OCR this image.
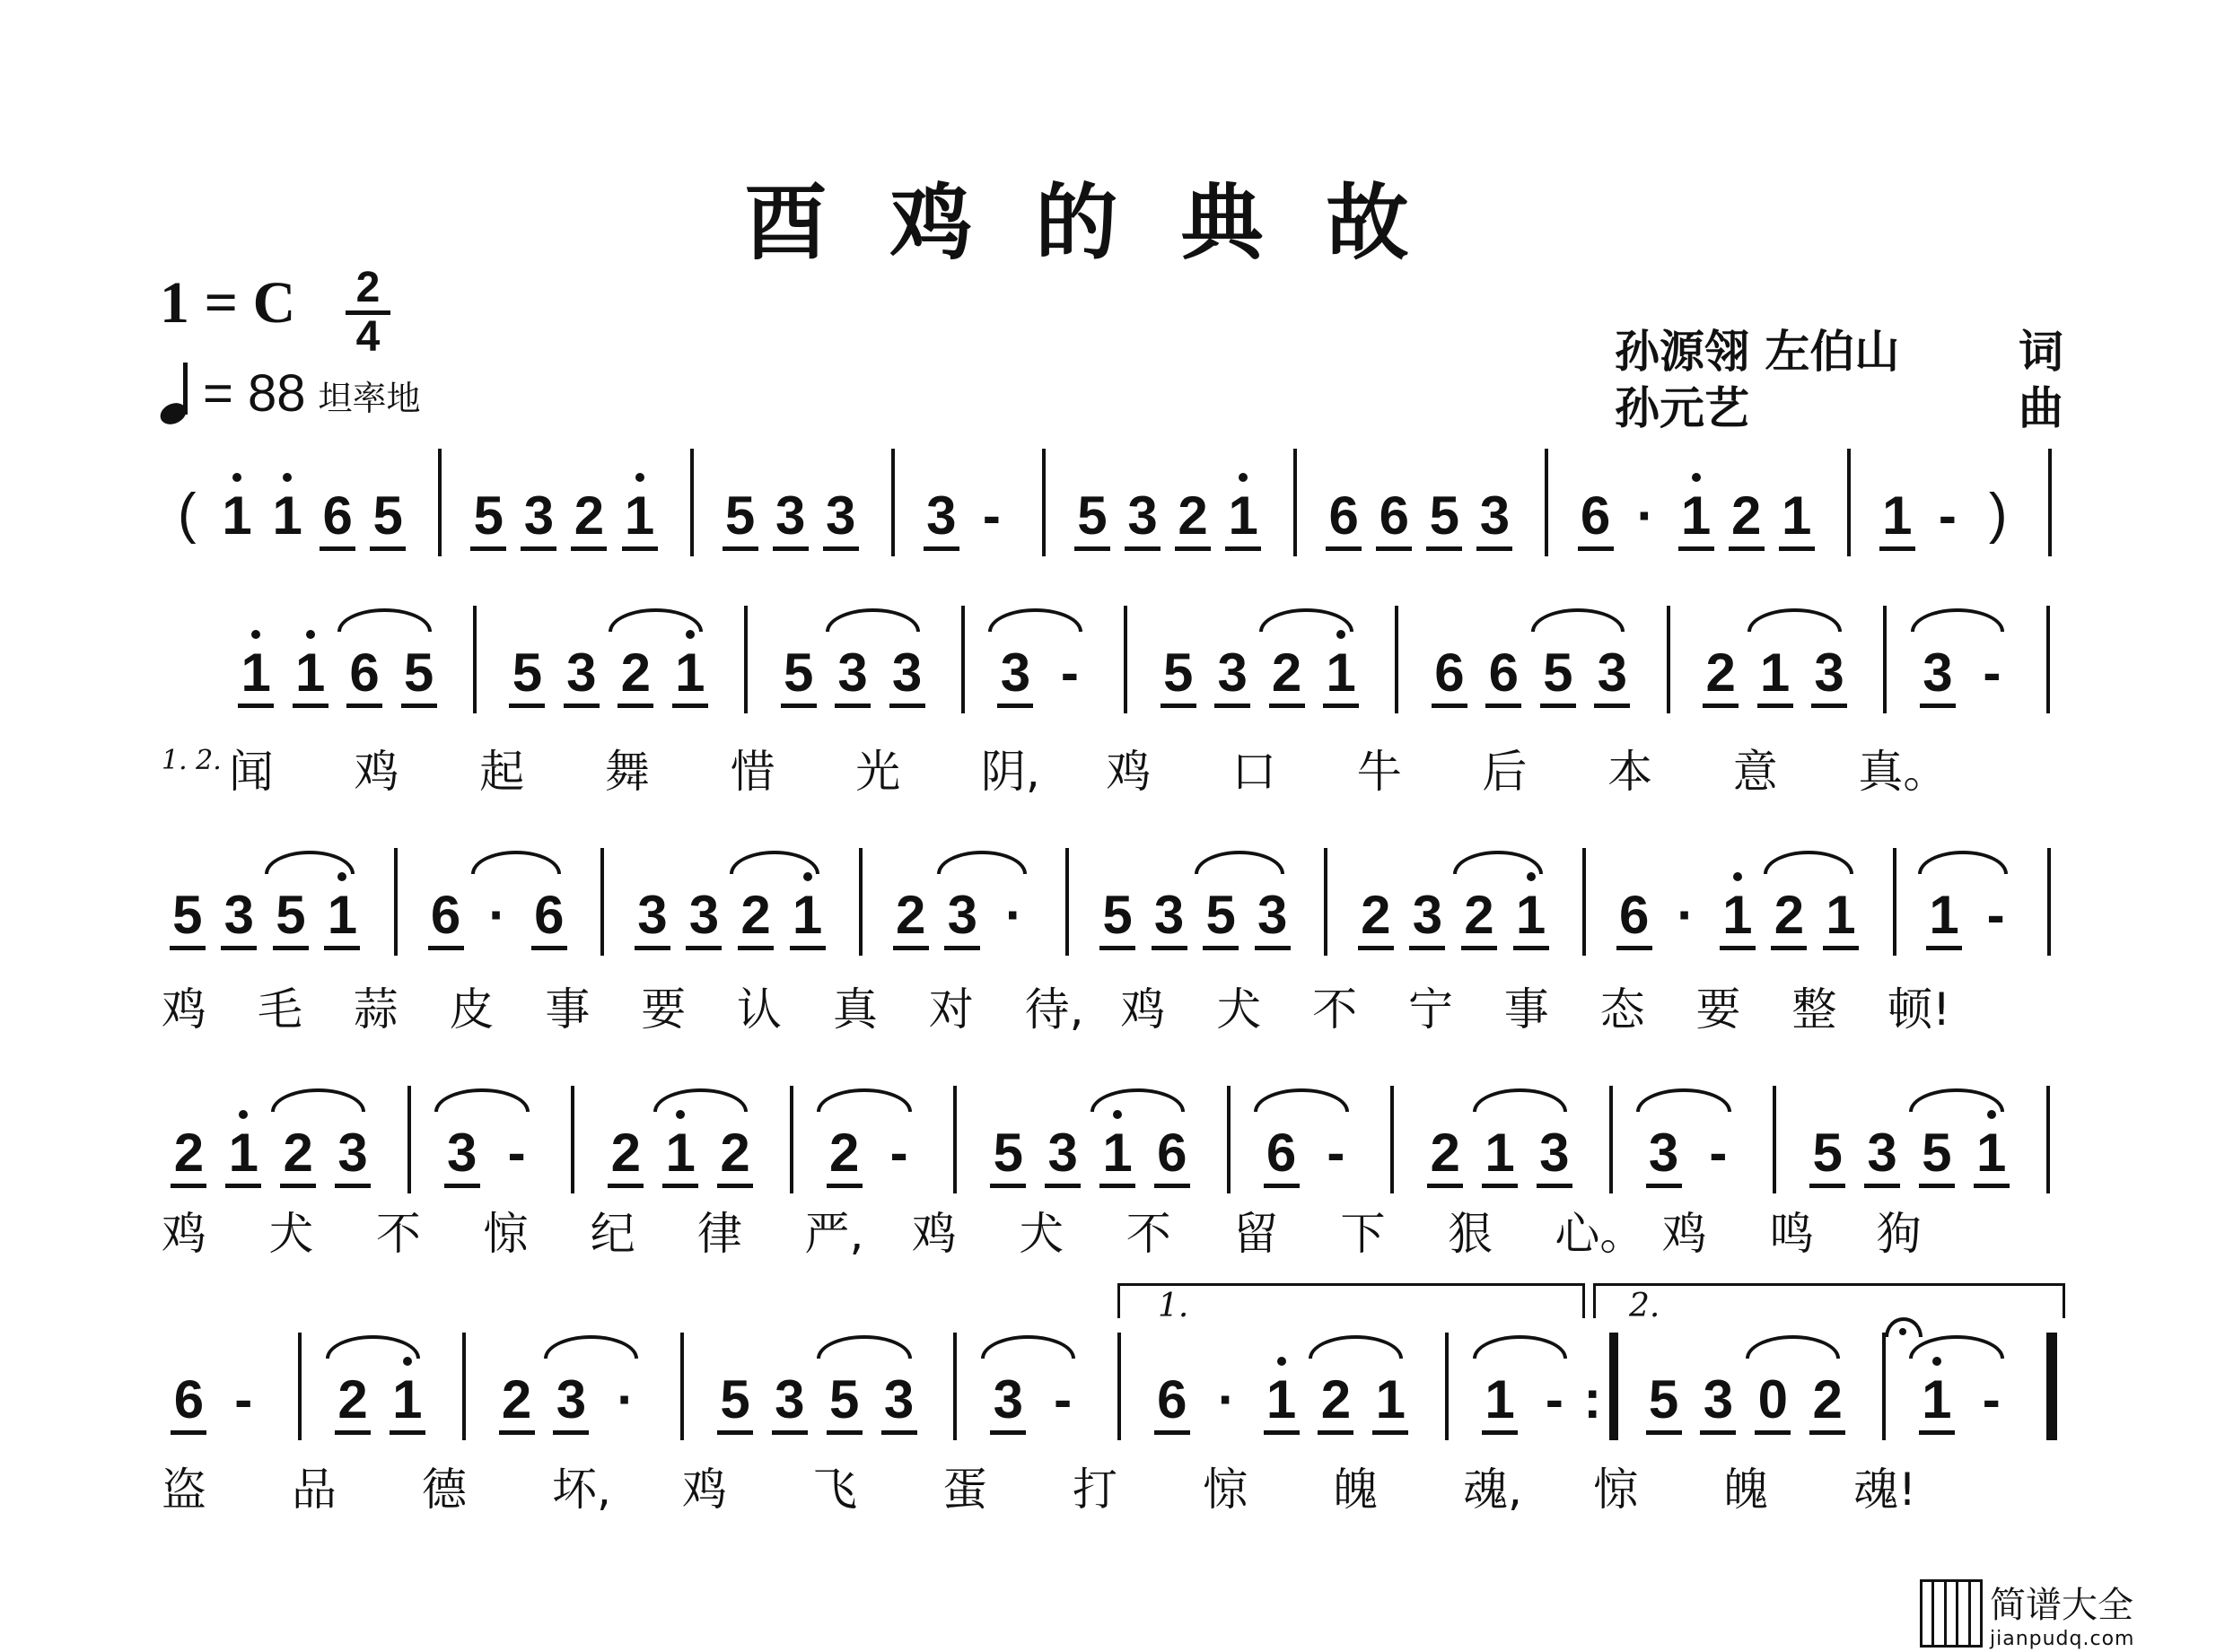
酉鸡的典故
1 = C 2
4
= 88 坦率地
孙源翎 左伯山	词
孙元艺	曲
( 1 1 6 5 5 3 2 1 5 3 3 3 - 5 3 2 1 6 6 5 3 6 · 1 2 1 1 - )
1 1 6 5 5 3 2 1 5 3 3 3 - 5 3 2 1 6 6 5 3 2 1 3 3 -
1. 2. 闻 鸡 起 舞 惜 光 阴, 鸡 口 牛 后 本 意 真。
5 3 5 1 6 · 6 3 3 2 1 2 3 · 5 3 5 3 2 3 2 1 6 · 1 2 1 1 -
鸡 毛 蒜 皮 事 要 认 真 对 待, 鸡 犬 不 宁 事 态 要 整 顿!
2 1 2 3 3 - 2 1 2 2 - 5 3 1 6 6 - 2 1 3 3 - 5 3 5 1
鸡 犬 不 惊 纪 律 严, 鸡 犬 不 留 下 狠 心。 鸡 鸣 狗
6 - 2 1 2 3 · 5 3 5 3 3 - 6 · 1 2 1 1 - : 5 3 0 2 1 -
盗 品 德 坏, 鸡 飞 蛋 打 惊 魄 魂, 惊 魄 魂!
1.	2.
简谱大全
jianpudq.com
